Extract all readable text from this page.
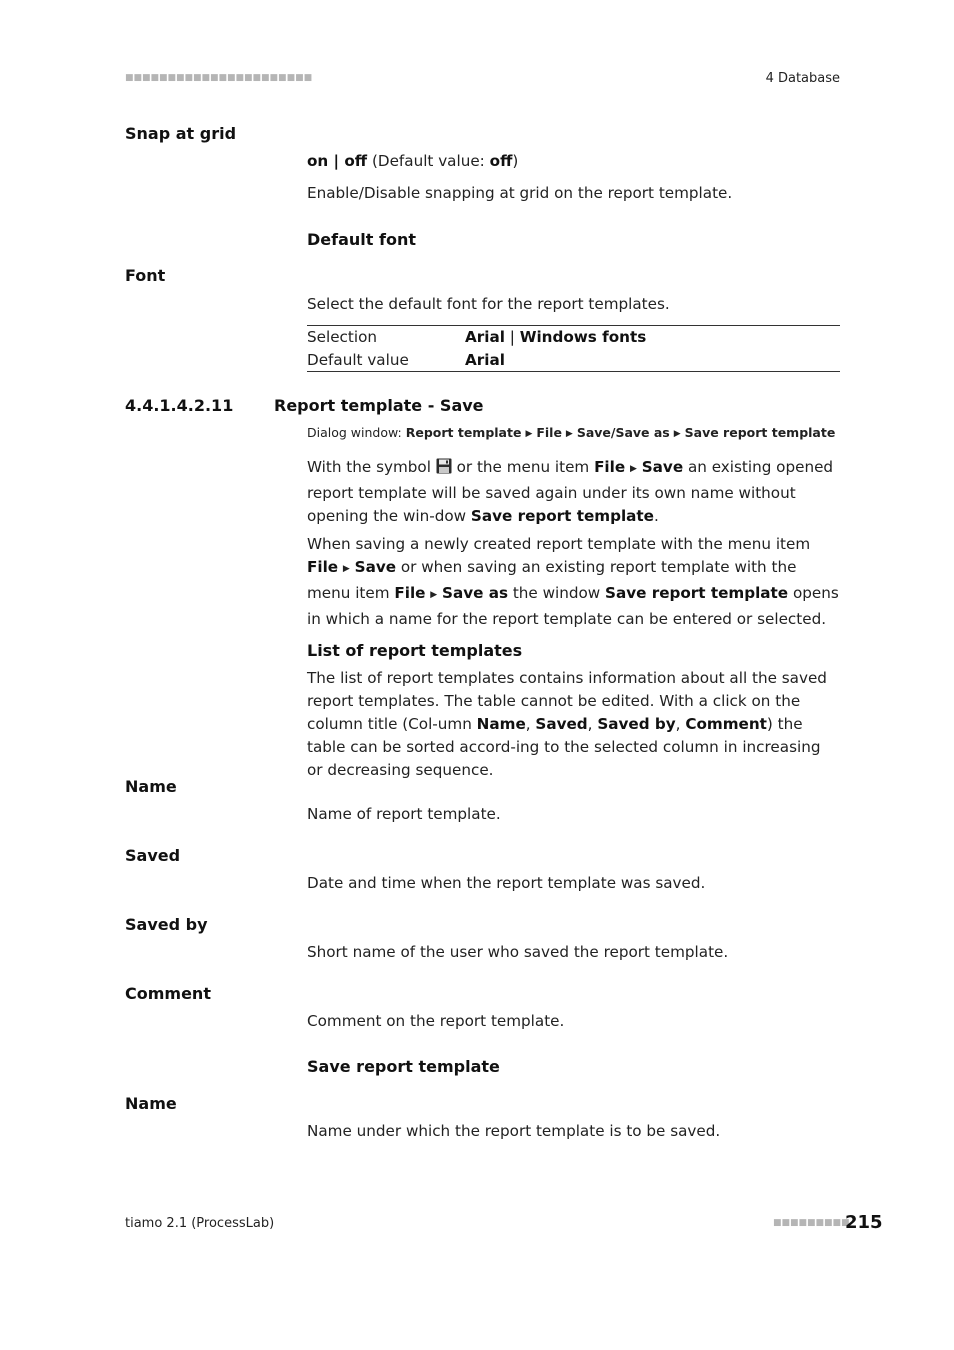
■■■■■■■■■■■■■■■■■■■■■■	4 Database
Snap at grid
on | off (Default value: off)
Enable/Disable snapping at grid on the report template.
Default font
Font
Select the default font for the report templates.
Selection	Arial | Windows fonts
Default value	Arial
4.4.1.4.2.11	Report template - Save
Dialog window: Report template ▶ File ▶ Save/Save as ▶ Save report template
With the symbol  or the menu item File ▶ Save an existing opened report template will be saved again under its own name without opening the win-dow Save report template.
When saving a newly created report template with the menu item File ▶ Save or when saving an existing report template with the menu item File ▶ Save as the window Save report template opens in which a name for the report template can be entered or selected.
List of report templates
The list of report templates contains information about all the saved report templates. The table cannot be edited. With a click on the column title (Col-umn Name, Saved, Saved by, Comment) the table can be sorted accord-ing to the selected column in increasing or decreasing sequence.
Name
Name of report template.
Saved
Date and time when the report template was saved.
Saved by
Short name of the user who saved the report template.
Comment
Comment on the report template.
Save report template
Name
Name under which the report template is to be saved.
tiamo 2.1 (ProcessLab)	■■■■■■■■■
215
